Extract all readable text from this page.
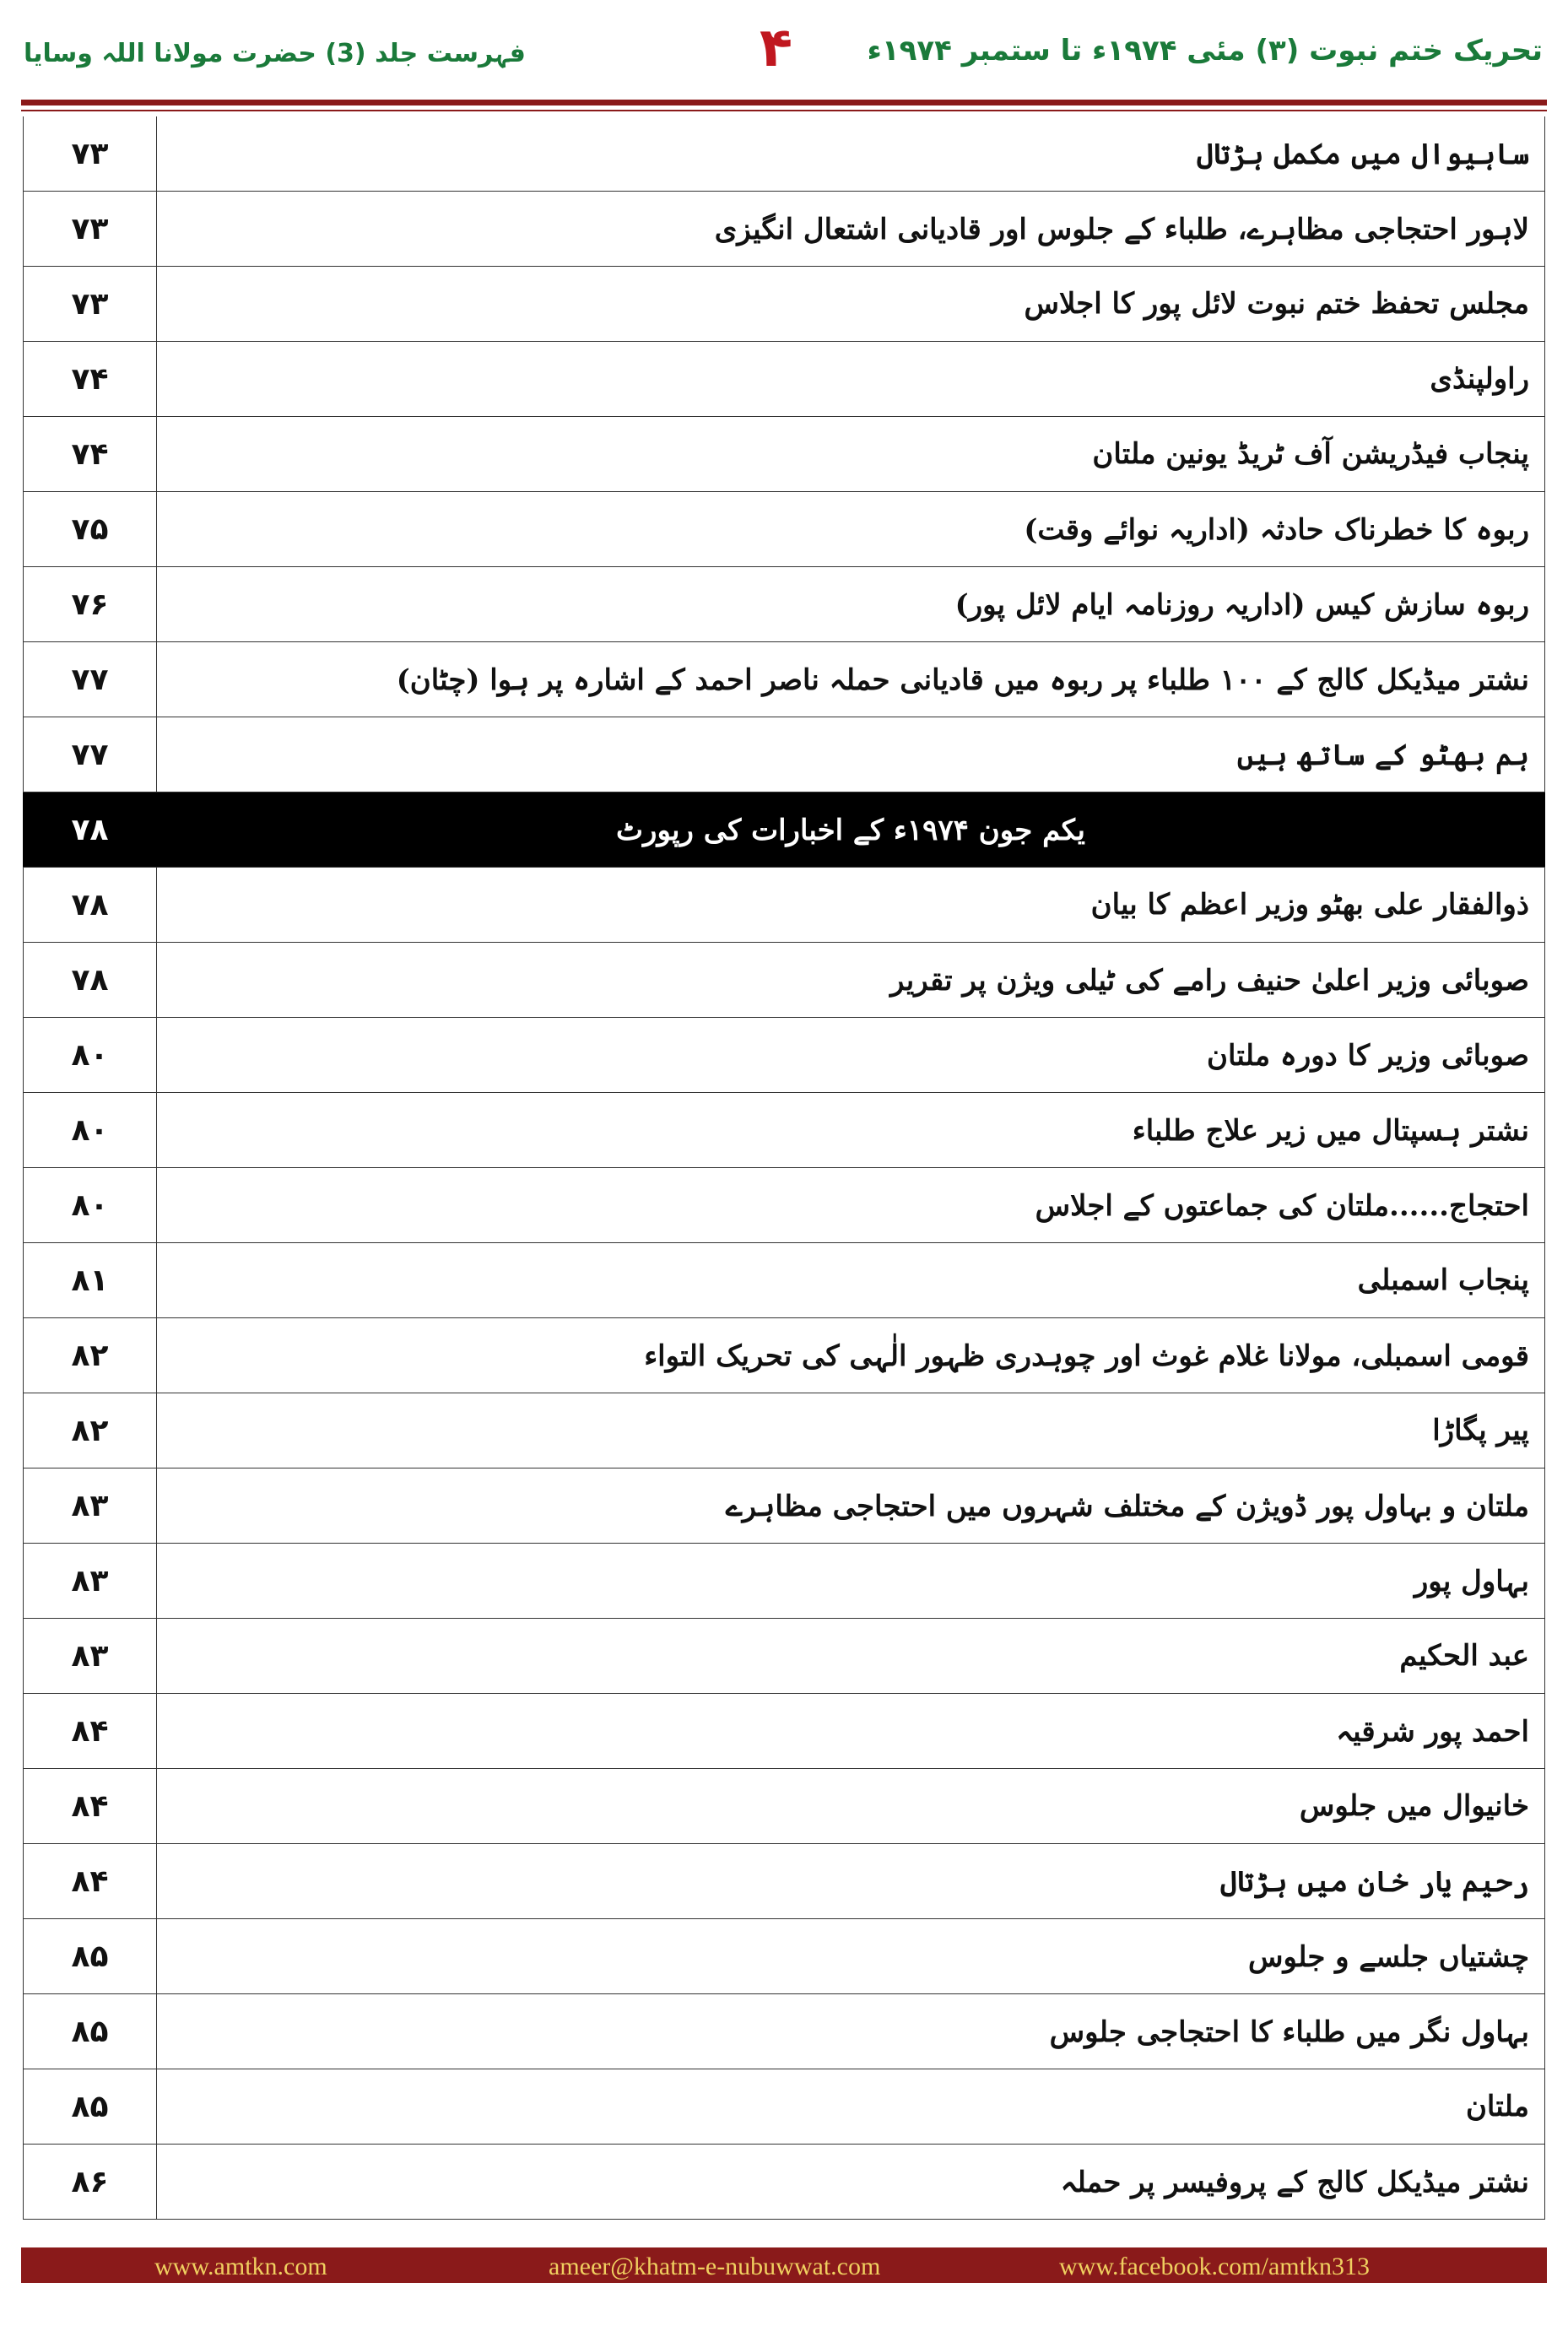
تحریک ختم نبوت (۳) مئی ۱۹۷۴ء تا ستمبر ۱۹۷۴ء
۴
فہرست جلد (3) حضرت مولانا اللہ وسایا
۷۳	ساہیوال میں مکمل ہڑتال
۷۳	لاہور احتجاجی مظاہرے، طلباء کے جلوس اور قادیانی اشتعال انگیزی
۷۳	مجلس تحفظ ختم نبوت لائل پور کا اجلاس
۷۴	راولپنڈی
۷۴	پنجاب فیڈریشن آف ٹریڈ یونین ملتان
۷۵	ربوہ کا خطرناک حادثہ (اداریہ نوائے وقت)
۷۶	ربوہ سازش کیس (اداریہ روزنامہ ایام لائل پور)
۷۷	نشتر میڈیکل کالج کے ۱۰۰ طلباء پر ربوہ میں قادیانی حملہ ناصر احمد کے اشارہ پر ہوا (چٹان)
۷۷	ہم بھٹو کے ساتھ ہیں
۷۸	یکم جون ۱۹۷۴ء کے اخبارات کی رپورٹ
۷۸	ذوالفقار علی بھٹو وزیر اعظم کا بیان
۷۸	صوبائی وزیر اعلیٰ حنیف رامے کی ٹیلی ویژن پر تقریر
۸۰	صوبائی وزیر کا دورہ ملتان
۸۰	نشتر ہسپتال میں زیر علاج طلباء
۸۰	احتجاج......ملتان کی جماعتوں کے اجلاس
۸۱	پنجاب اسمبلی
۸۲	قومی اسمبلی، مولانا غلام غوث اور چوہدری ظہور الٰہی کی تحریک التواء
۸۲	پیر پگاڑا
۸۳	ملتان و بہاول پور ڈویژن کے مختلف شہروں میں احتجاجی مظاہرے
۸۳	بہاول پور
۸۳	عبد الحکیم
۸۴	احمد پور شرقیہ
۸۴	خانیوال میں جلوس
۸۴	رحیم یار خان میں ہڑتال
۸۵	چشتیاں جلسے و جلوس
۸۵	بہاول نگر میں طلباء کا احتجاجی جلوس
۸۵	ملتان
۸۶	نشتر میڈیکل کالج کے پروفیسر پر حملہ
www.amtkn.com	ameer@khatm-e-nubuwwat.com	www.facebook.com/amtkn313
